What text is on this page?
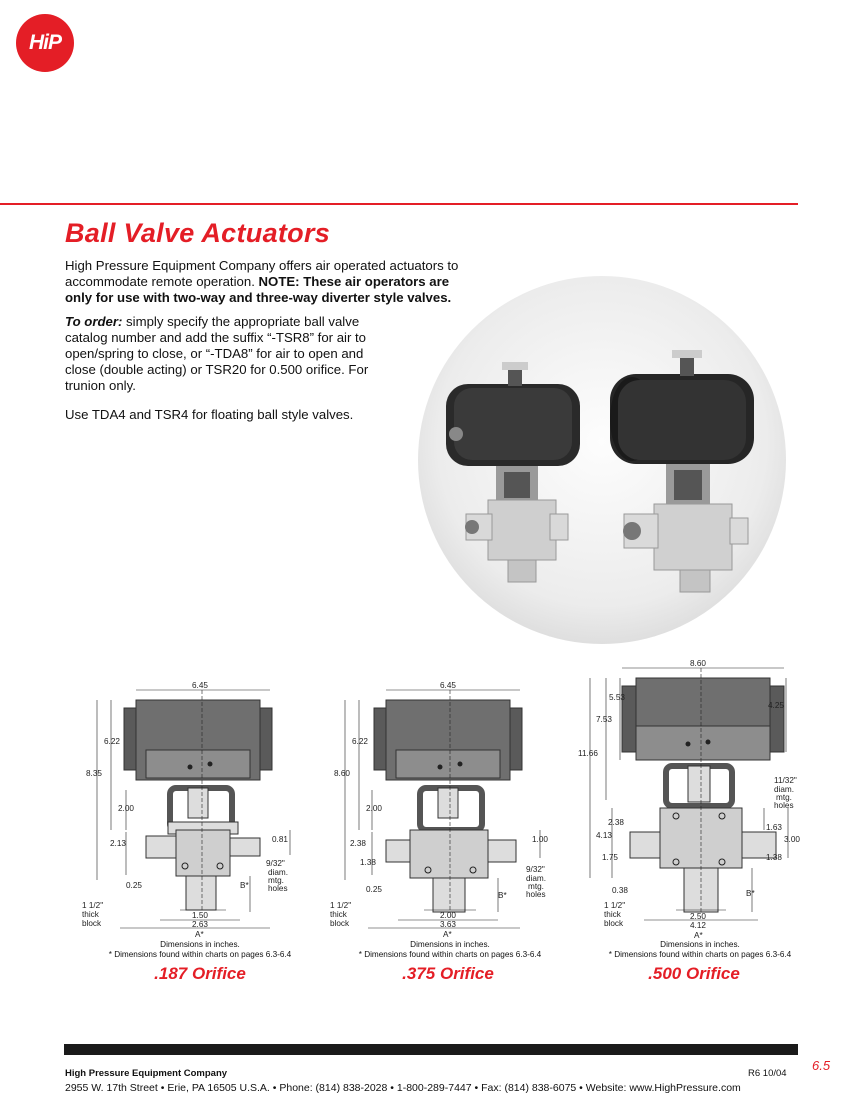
HiP
Ball Valve Actuators
High Pressure Equipment Company offers air operated actuators to accommodate remote operation. NOTE: These air operators are only for use with two-way and three-way diverter style valves.
To order: simply specify the appropriate ball valve catalog number and add the suffix “-TSR8” for air to open/spring to close, or “-TDA8” for air to open and close (double acting) or TSR20 for 0.500 orifice. For trunion only.
Use TDA4 and TSR4 for floating ball style valves.
6.45
6.22
8.35
2.00
2.13	0.81
0.25	B*
9/32"
diam.
mtg.
holes
1 1/2"
thick
block
1.50
2.63
A*
Dimensions in inches.
* Dimensions found within charts on pages 6.3-6.4
.187 Orifice
6.45
6.22
8.60
2.00
2.38	1.00
1.38
0.25
B*
9/32"
diam.
mtg.
holes
1 1/2"
thick
block
2.00
3.63
A*
Dimensions in inches.
* Dimensions found within charts on pages 6.3-6.4
.375 Orifice
8.60
5.53
7.53
11.66
4.25
11/32"
diam.
mtg.
holes
2.38
1.63
3.00
4.13
1.75	1.38
0.38	B*
1 1/2"
thick
block
2.50
4.12
A*
Dimensions in inches.
* Dimensions found within charts on pages 6.3-6.4
.500 Orifice
6.5
High Pressure Equipment Company	R6 10/04
2955 W. 17th Street • Erie, PA 16505 U.S.A. • Phone: (814) 838-2028 • 1-800-289-7447 • Fax: (814) 838-6075 • Website: www.HighPressure.com
